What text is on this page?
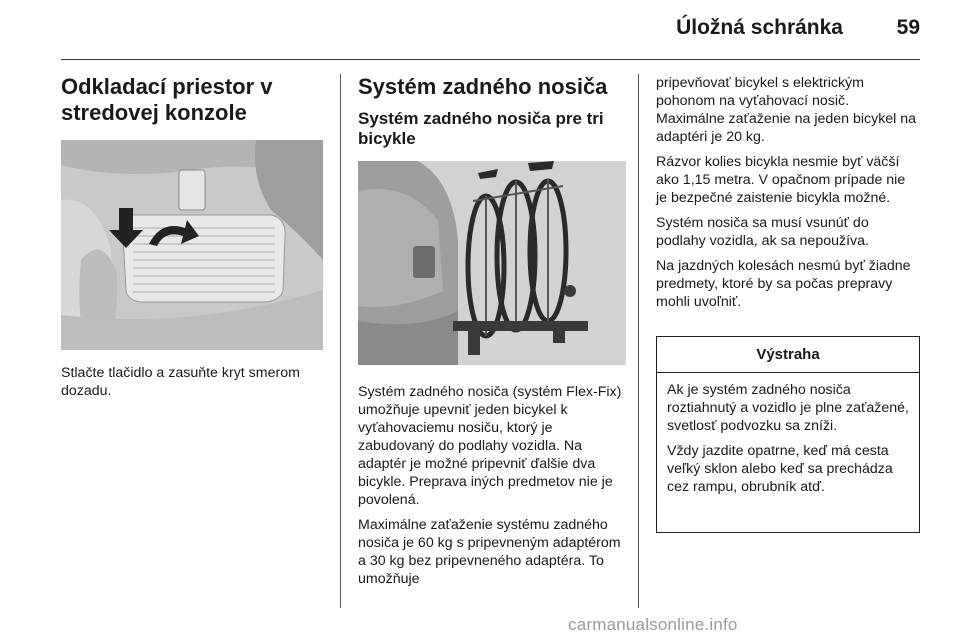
Úložná schránka	59
Odkladací priestor v stredovej konzole

Stlačte tlačidlo a zasuňte kryt smerom dozadu.

Systém zadného nosiča
Systém zadného nosiča pre tri bicykle

Systém zadného nosiča (systém Flex-Fix) umožňuje upevniť jeden bicykel k vyťahovaciemu nosiču, ktorý je zabudovaný do podlahy vozidla. Na adaptér je možné pripevniť ďalšie dva bicykle. Preprava iných predmetov nie je povolená.

Maximálne zaťaženie systému zadného nosiča je 60 kg s pripevneným adaptérom a 30 kg bez pripevneného adaptéra. To umožňuje

pripevňovať bicykel s elektrickým pohonom na vyťahovací nosič. Maximálne zaťaženie na jeden bicykel na adaptéri je 20 kg.

Rázvor kolies bicykla nesmie byť väčší ako 1,15 metra. V opačnom prípade nie je bezpečné zaistenie bicykla možné.

Systém nosiča sa musí vsunúť do podlahy vozidla, ak sa nepoužíva.

Na jazdných kolesách nesmú byť žiadne predmety, ktoré by sa počas prepravy mohli uvoľniť.

Výstraha

Ak je systém zadného nosiča roztiahnutý a vozidlo je plne zaťažené, svetlosť podvozku sa zníži.

Vždy jazdite opatrne, keď má cesta veľký sklon alebo keď sa prechádza cez rampu, obrubník atď.

carmanualsonline.info
